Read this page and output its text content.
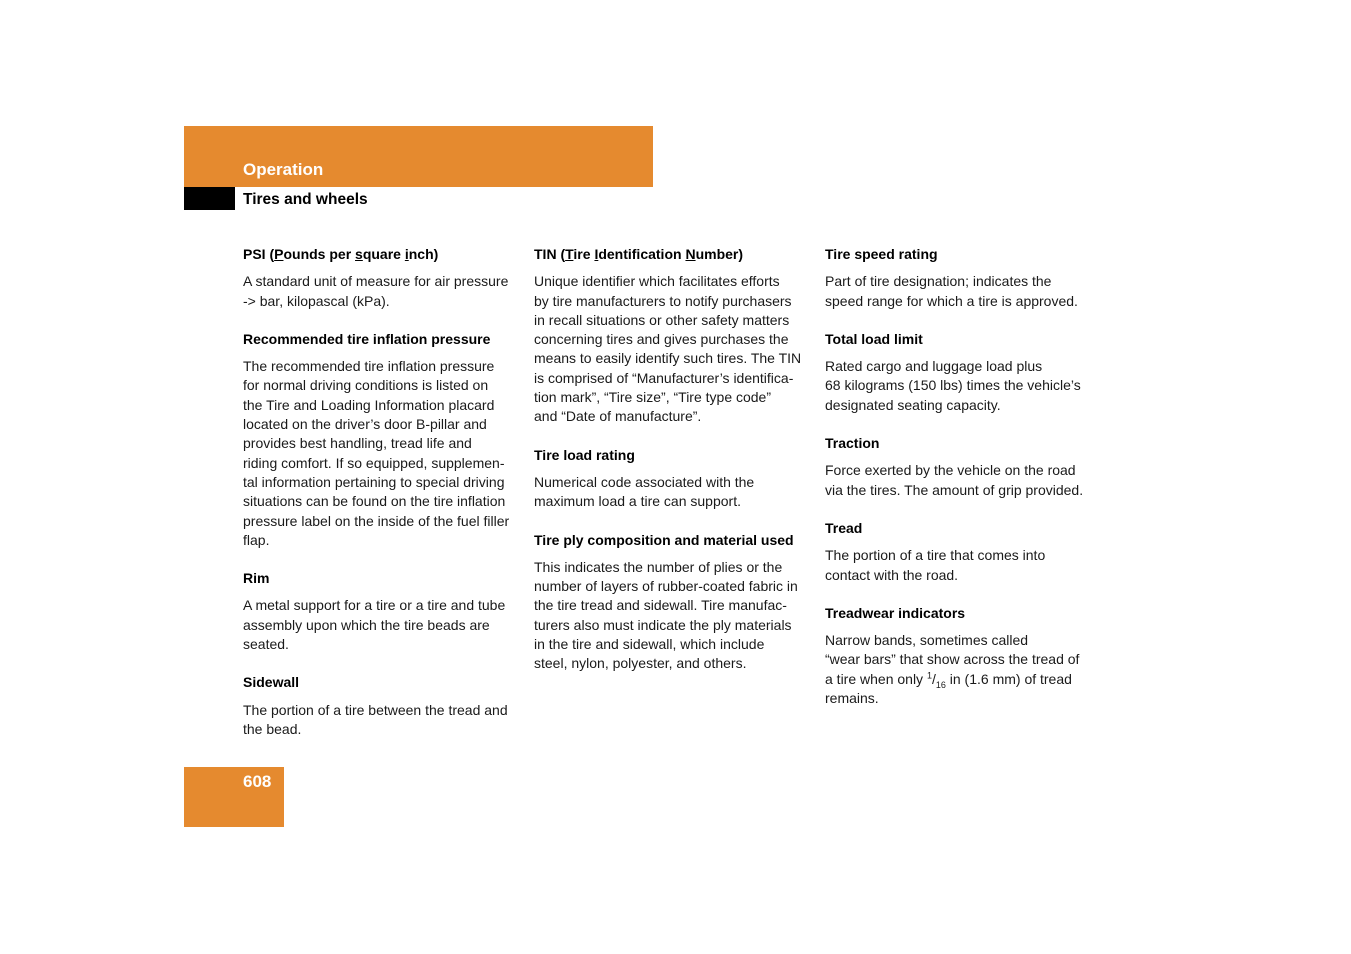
Operation
Tires and wheels
PSI (Pounds per square inch)
A standard unit of measure for air pressure
-> bar, kilopascal (kPa).
Recommended tire inflation pressure
The recommended tire inflation pressure
for normal driving conditions is listed on
the Tire and Loading Information placard
located on the driver’s door B-pillar and
provides best handling, tread life and
riding comfort. If so equipped, supplemen-
tal information pertaining to special driving
situations can be found on the tire inflation
pressure label on the inside of the fuel filler
flap.
Rim
A metal support for a tire or a tire and tube
assembly upon which the tire beads are
seated.
Sidewall
The portion of a tire between the tread and
the bead.
TIN (Tire Identification Number)
Unique identifier which facilitates efforts
by tire manufacturers to notify purchasers
in recall situations or other safety matters
concerning tires and gives purchases the
means to easily identify such tires. The TIN
is comprised of “Manufacturer’s identifica-
tion mark”, “Tire size”, “Tire type code”
and “Date of manufacture”.
Tire load rating
Numerical code associated with the
maximum load a tire can support.
Tire ply composition and material used
This indicates the number of plies or the
number of layers of rubber-coated fabric in
the tire tread and sidewall. Tire manufac-
turers also must indicate the ply materials
in the tire and sidewall, which include
steel, nylon, polyester, and others.
Tire speed rating
Part of tire designation; indicates the
speed range for which a tire is approved.
Total load limit
Rated cargo and luggage load plus
68 kilograms (150 lbs) times the vehicle’s
designated seating capacity.
Traction
Force exerted by the vehicle on the road
via the tires. The amount of grip provided.
Tread
The portion of a tire that comes into
contact with the road.
Treadwear indicators
Narrow bands, sometimes called
“wear bars” that show across the tread of
a tire when only $^1/_{16}$ in (1.6 mm) of tread
remains.
608
